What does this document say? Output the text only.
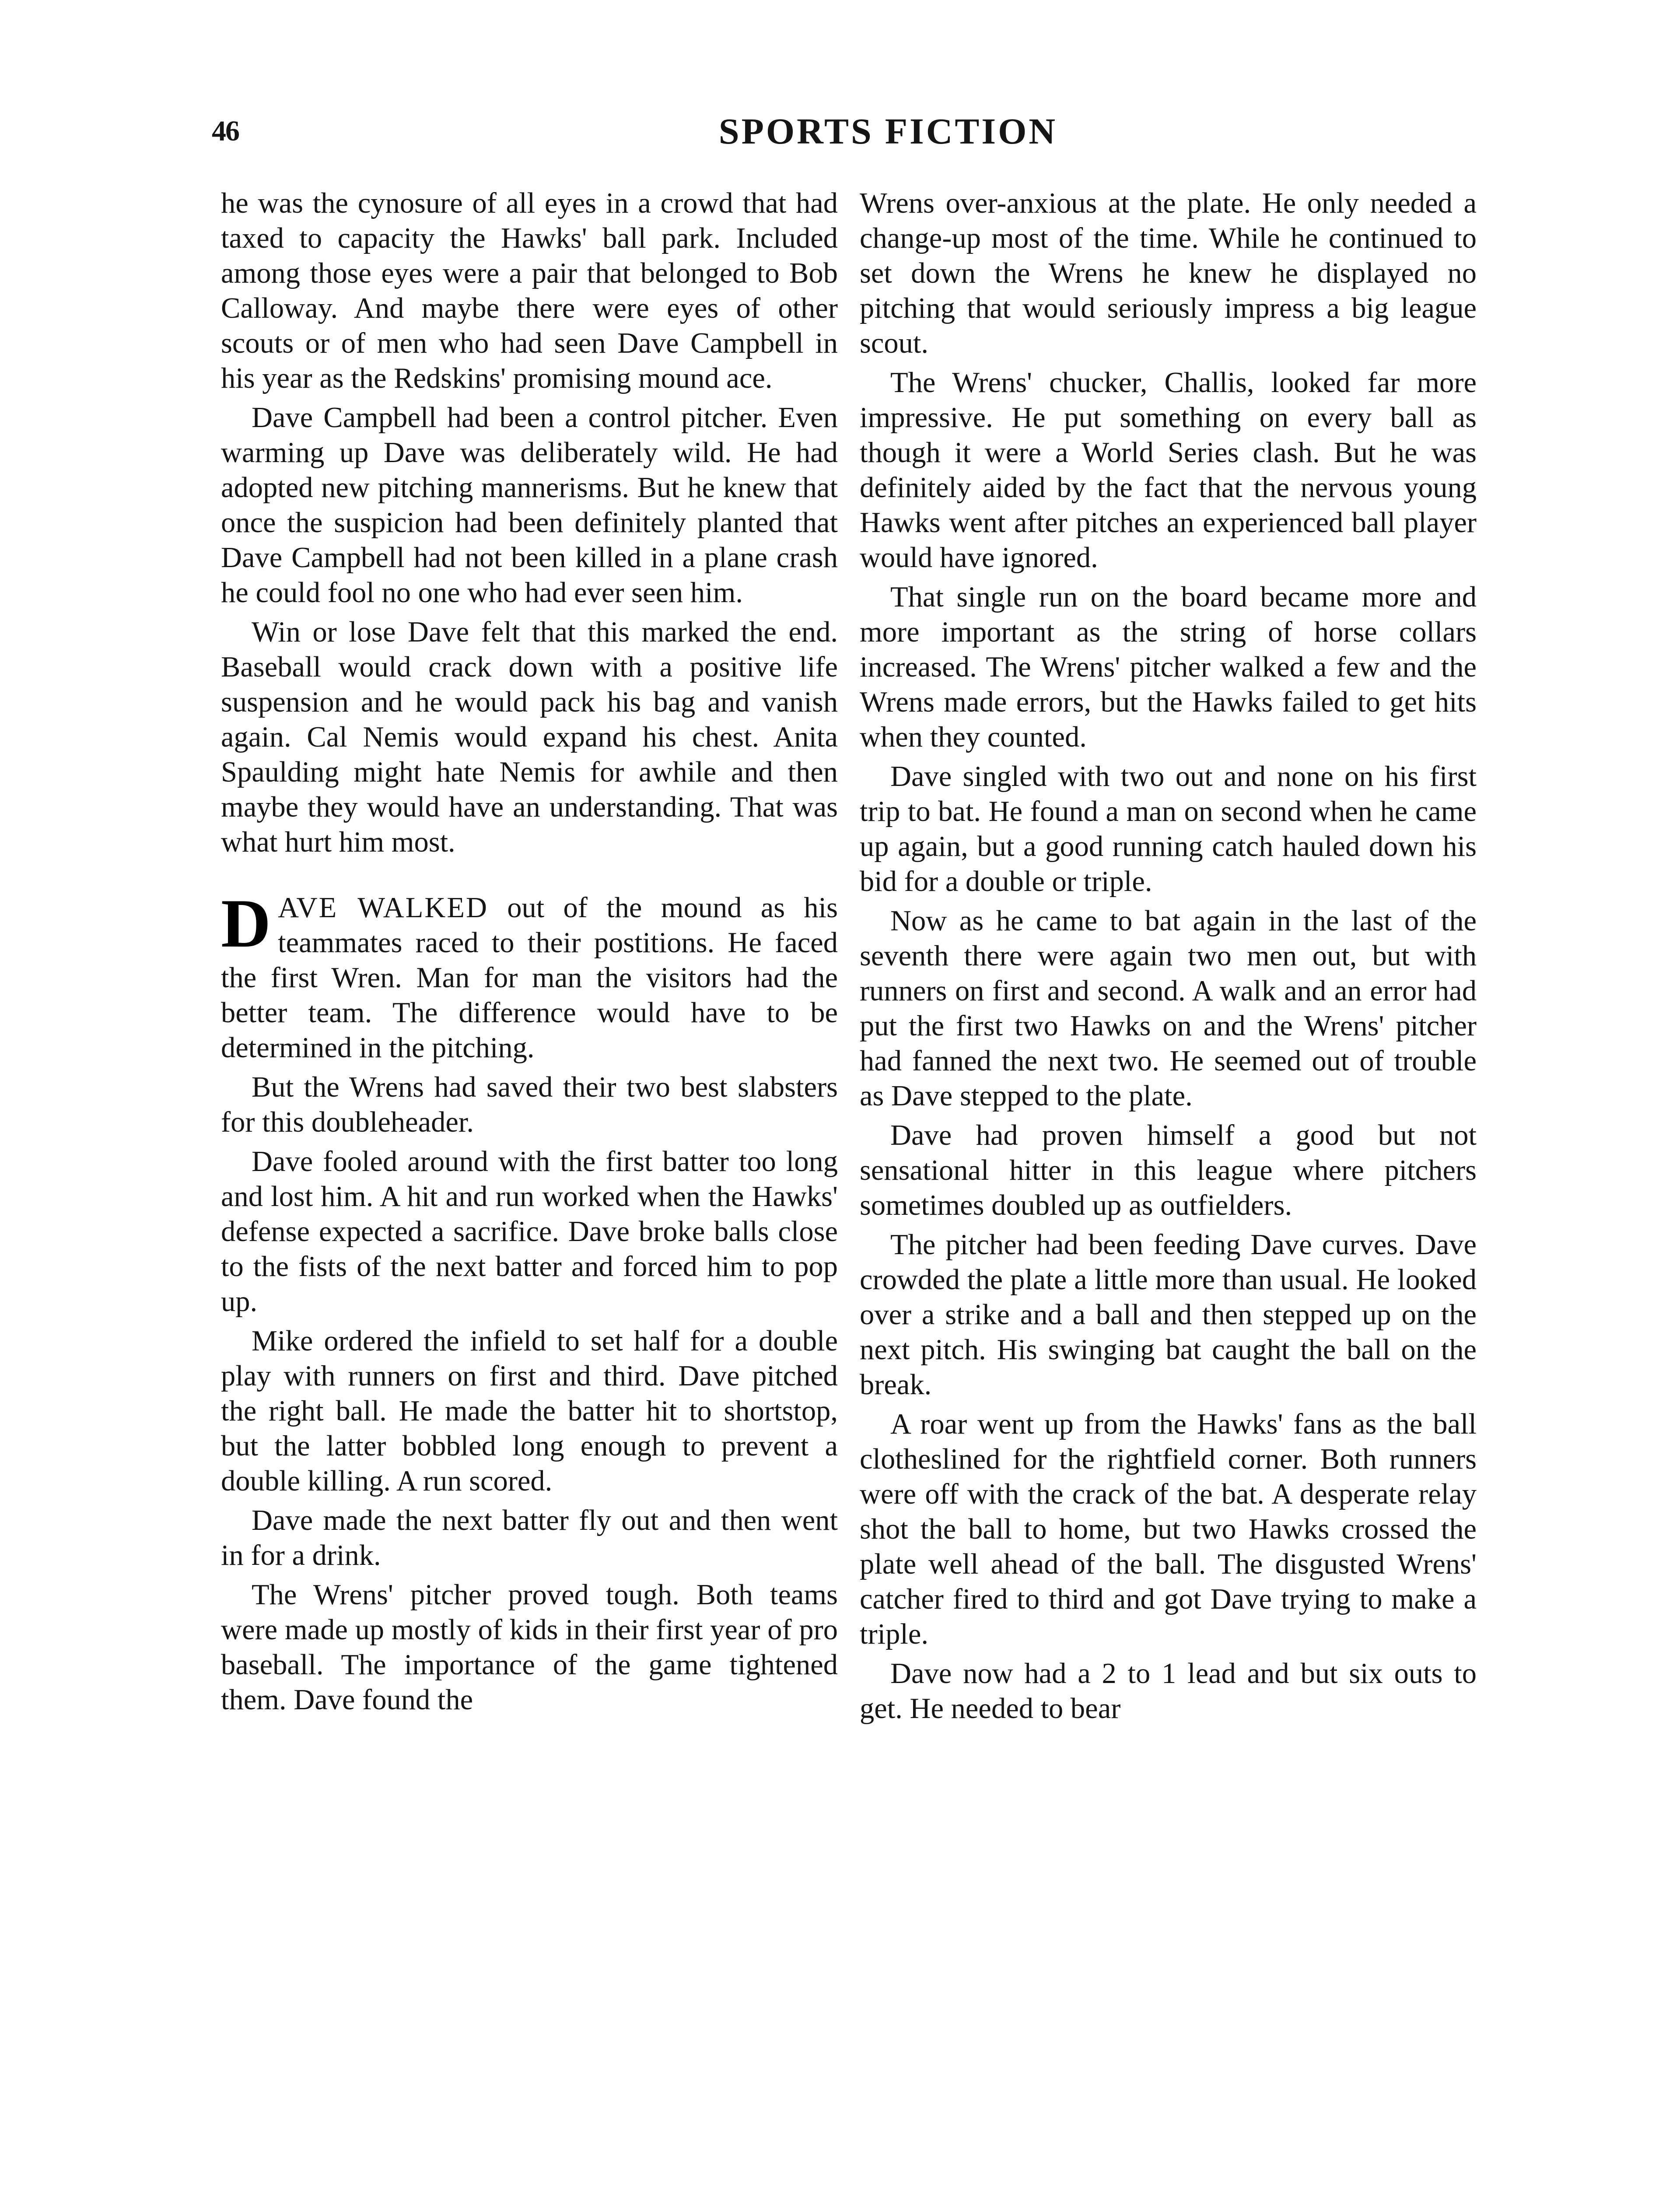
46	SPORTS FICTION

he was the cynosure of all eyes in a crowd that had taxed to capacity the Hawks' ball park. Included among those eyes were a pair that belonged to Bob Calloway. And maybe there were eyes of other scouts or of men who had seen Dave Campbell in his year as the Redskins' promising mound ace.

Dave Campbell had been a control pitcher. Even warming up Dave was deliberately wild. He had adopted new pitching mannerisms. But he knew that once the suspicion had been definitely planted that Dave Campbell had not been killed in a plane crash he could fool no one who had ever seen him.

Win or lose Dave felt that this marked the end. Baseball would crack down with a positive life suspension and he would pack his bag and vanish again. Cal Nemis would expand his chest. Anita Spaulding might hate Nemis for awhile and then maybe they would have an understanding. That was what hurt him most.

DAVE WALKED out of the mound as his teammates raced to their postitions. He faced the first Wren. Man for man the visitors had the better team. The difference would have to be determined in the pitching.

But the Wrens had saved their two best slabsters for this doubleheader.

Dave fooled around with the first batter too long and lost him. A hit and run worked when the Hawks' defense expected a sacrifice. Dave broke balls close to the fists of the next batter and forced him to pop up.

Mike ordered the infield to set half for a double play with runners on first and third. Dave pitched the right ball. He made the batter hit to shortstop, but the latter bobbled long enough to prevent a double killing. A run scored.

Dave made the next batter fly out and then went in for a drink.

The Wrens' pitcher proved tough. Both teams were made up mostly of kids in their first year of pro baseball. The importance of the game tightened them. Dave found the

Wrens over-anxious at the plate. He only needed a change-up most of the time. While he continued to set down the Wrens he knew he displayed no pitching that would seriously impress a big league scout.

The Wrens' chucker, Challis, looked far more impressive. He put something on every ball as though it were a World Series clash. But he was definitely aided by the fact that the nervous young Hawks went after pitches an experienced ball player would have ignored.

That single run on the board became more and more important as the string of horse collars increased. The Wrens' pitcher walked a few and the Wrens made errors, but the Hawks failed to get hits when they counted.

Dave singled with two out and none on his first trip to bat. He found a man on second when he came up again, but a good running catch hauled down his bid for a double or triple.

Now as he came to bat again in the last of the seventh there were again two men out, but with runners on first and second. A walk and an error had put the first two Hawks on and the Wrens' pitcher had fanned the next two. He seemed out of trouble as Dave stepped to the plate.

Dave had proven himself a good but not sensational hitter in this league where pitchers sometimes doubled up as outfielders.

The pitcher had been feeding Dave curves. Dave crowded the plate a little more than usual. He looked over a strike and a ball and then stepped up on the next pitch. His swinging bat caught the ball on the break.

A roar went up from the Hawks' fans as the ball clotheslined for the rightfield corner. Both runners were off with the crack of the bat. A desperate relay shot the ball to home, but two Hawks crossed the plate well ahead of the ball. The disgusted Wrens' catcher fired to third and got Dave trying to make a triple.

Dave now had a 2 to 1 lead and but six outs to get. He needed to bear
